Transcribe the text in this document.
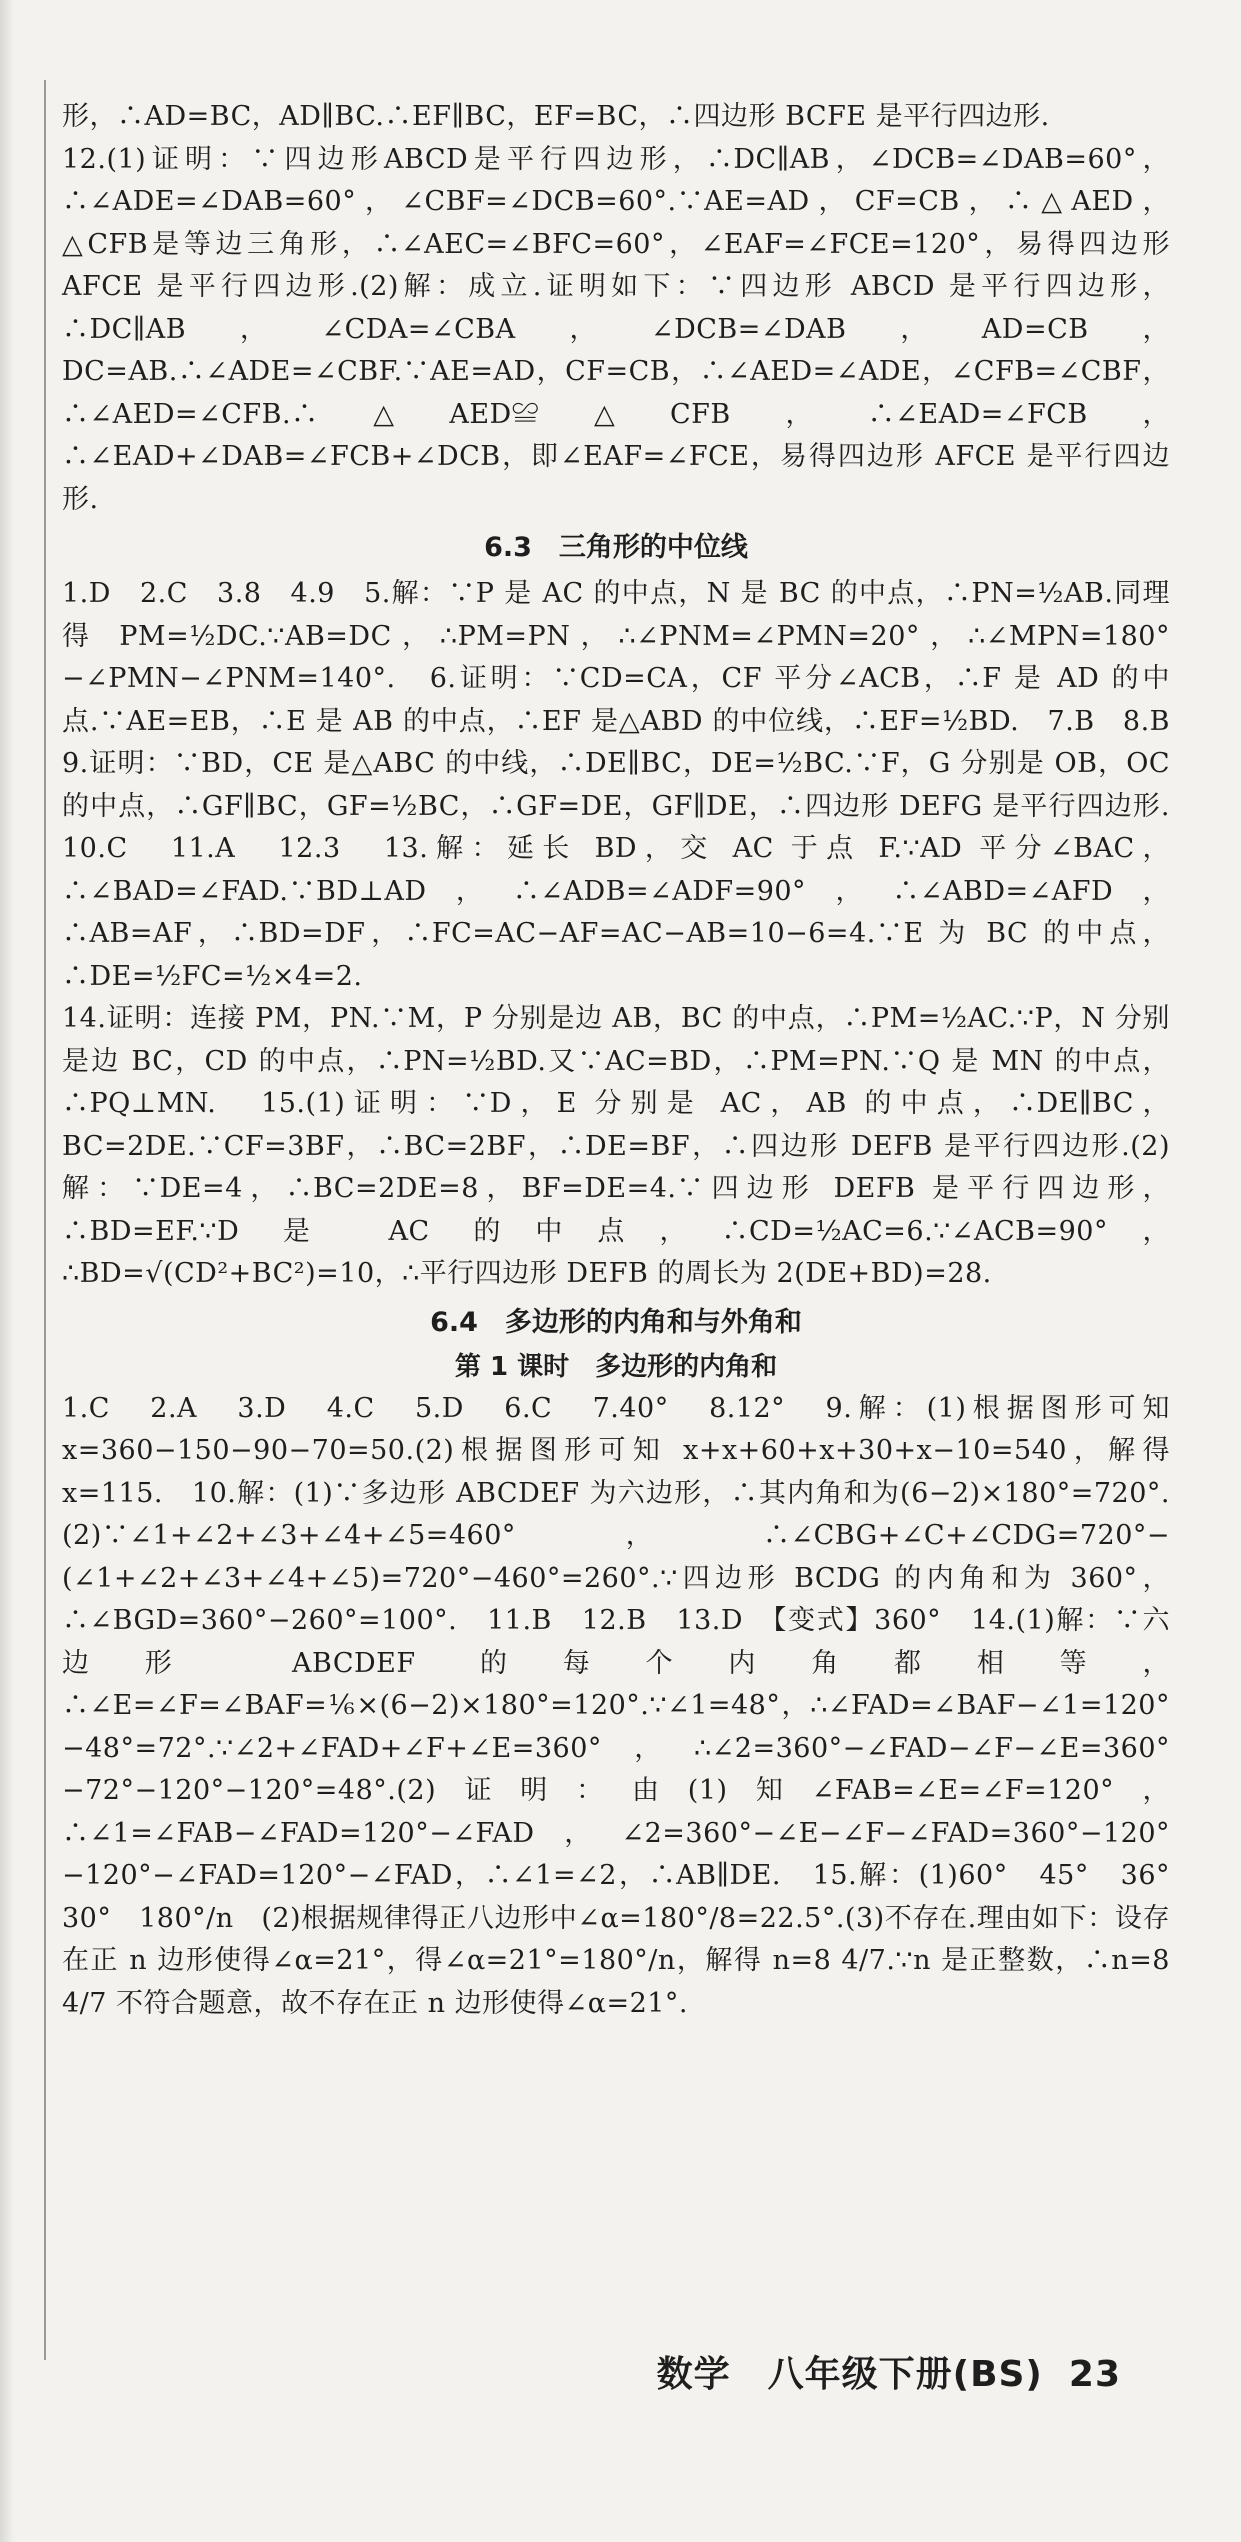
形，∴AD=BC，AD∥BC.∴EF∥BC，EF=BC，∴四边形 BCFE 是平行四边形.

12.(1)证明：∵四边形ABCD是平行四边形，∴DC∥AB，∠DCB=∠DAB=60°，∴∠ADE=∠DAB=60°，∠CBF=∠DCB=60°.∵AE=AD，CF=CB，∴△AED，△CFB是等边三角形，∴∠AEC=∠BFC=60°，∠EAF=∠FCE=120°，易得四边形 AFCE 是平行四边形.(2)解：成立.证明如下：∵四边形 ABCD 是平行四边形，∴DC∥AB，∠CDA=∠CBA，∠DCB=∠DAB，AD=CB，DC=AB.∴∠ADE=∠CBF.∵AE=AD，CF=CB，∴∠AED=∠ADE，∠CFB=∠CBF，∴∠AED=∠CFB.∴△AED≌△CFB，∴∠EAD=∠FCB，∴∠EAD+∠DAB=∠FCB+∠DCB，即∠EAF=∠FCE，易得四边形 AFCE 是平行四边形.

6.3　三角形的中位线

1.D　2.C　3.8　4.9　5.解：∵P 是 AC 的中点，N 是 BC 的中点，∴PN=½AB.同理得 PM=½DC.∵AB=DC，∴PM=PN，∴∠PNM=∠PMN=20°，∴∠MPN=180°−∠PMN−∠PNM=140°.　6.证明：∵CD=CA，CF 平分∠ACB，∴F 是 AD 的中点.∵AE=EB，∴E 是 AB 的中点，∴EF 是△ABD 的中位线，∴EF=½BD.　7.B　8.B　9.证明：∵BD，CE 是△ABC 的中线，∴DE∥BC，DE=½BC.∵F，G 分别是 OB，OC 的中点，∴GF∥BC，GF=½BC，∴GF=DE，GF∥DE，∴四边形 DEFG 是平行四边形.　10.C　11.A　12.3　13.解：延长 BD，交 AC 于点 F.∵AD 平分∠BAC，∴∠BAD=∠FAD.∵BD⊥AD，∴∠ADB=∠ADF=90°，∴∠ABD=∠AFD，∴AB=AF，∴BD=DF，∴FC=AC−AF=AC−AB=10−6=4.∵E 为 BC 的中点，∴DE=½FC=½×4=2.

14.证明：连接 PM，PN.∵M，P 分别是边 AB，BC 的中点，∴PM=½AC.∵P，N 分别是边 BC，CD 的中点，∴PN=½BD.又∵AC=BD，∴PM=PN.∵Q 是 MN 的中点，∴PQ⊥MN.　15.(1)证明：∵D，E 分别是 AC，AB 的中点，∴DE∥BC，BC=2DE.∵CF=3BF，∴BC=2BF，∴DE=BF，∴四边形 DEFB 是平行四边形.(2)解：∵DE=4，∴BC=2DE=8，BF=DE=4.∵四边形 DEFB 是平行四边形，∴BD=EF.∵D 是 AC 的中点，∴CD=½AC=6.∵∠ACB=90°，∴BD=√(CD²+BC²)=10，∴平行四边形 DEFB 的周长为 2(DE+BD)=28.

6.4　多边形的内角和与外角和
第 1 课时　多边形的内角和

1.C　2.A　3.D　4.C　5.D　6.C　7.40°　8.12°　9.解：(1)根据图形可知 x=360−150−90−70=50.(2)根据图形可知 x+x+60+x+30+x−10=540，解得 x=115.　10.解：(1)∵多边形 ABCDEF 为六边形，∴其内角和为(6−2)×180°=720°.(2)∵∠1+∠2+∠3+∠4+∠5=460°，∴∠CBG+∠C+∠CDG=720°−(∠1+∠2+∠3+∠4+∠5)=720°−460°=260°.∵四边形 BCDG 的内角和为 360°，∴∠BGD=360°−260°=100°.　11.B　12.B　13.D　【变式】360°　14.(1)解：∵六边形 ABCDEF 的每个内角都相等，∴∠E=∠F=∠BAF=⅙×(6−2)×180°=120°.∵∠1=48°，∴∠FAD=∠BAF−∠1=120°−48°=72°.∵∠2+∠FAD+∠F+∠E=360°，∴∠2=360°−∠FAD−∠F−∠E=360°−72°−120°−120°=48°.(2)证明：由(1)知∠FAB=∠E=∠F=120°，∴∠1=∠FAB−∠FAD=120°−∠FAD，∠2=360°−∠E−∠F−∠FAD=360°−120°−120°−∠FAD=120°−∠FAD，∴∠1=∠2，∴AB∥DE.　15.解：(1)60°　45°　36°　30°　180°/n　(2)根据规律得正八边形中∠α=180°/8=22.5°.(3)不存在.理由如下：设存在正 n 边形使得∠α=21°，得∠α=21°=180°/n，解得 n=8 4/7.∵n 是正整数，∴n=8 4/7 不符合题意，故不存在正 n 边形使得∠α=21°.

数学　八年级下册(BS) 23
